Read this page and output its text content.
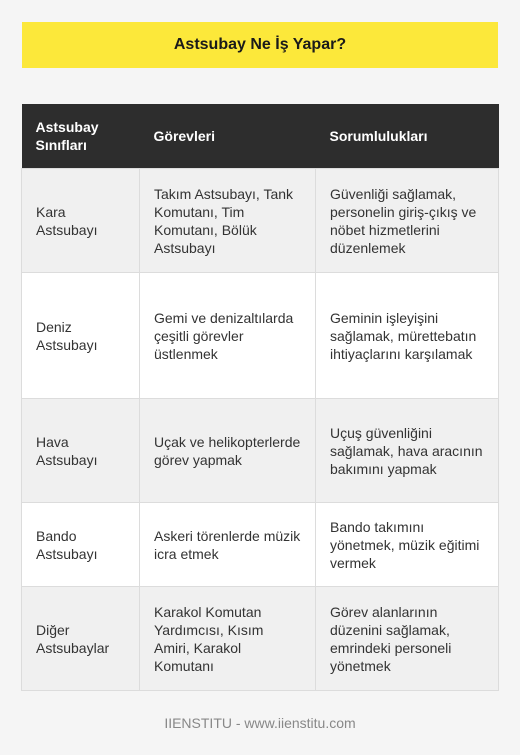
Astsubay Ne İş Yapar?
Astsubay Sınıfları	Görevleri	Sorumlulukları
Kara Astsubayı	Takım Astsubayı, Tank Komutanı, Tim Komutanı, Bölük Astsubayı	Güvenliği sağlamak, personelin giriş-çıkış ve nöbet hizmetlerini düzenlemek
Deniz Astsubayı	Gemi ve denizaltılarda çeşitli görevler üstlenmek	Geminin işleyişini sağlamak, mürettebatın ihtiyaçlarını karşılamak
Hava Astsubayı	Uçak ve helikopterlerde görev yapmak	Uçuş güvenliğini sağlamak, hava aracının bakımını yapmak
Bando Astsubayı	Askeri törenlerde müzik icra etmek	Bando takımını yönetmek, müzik eğitimi vermek
Diğer Astsubaylar	Karakol Komutan Yardımcısı, Kısım Amiri, Karakol Komutanı	Görev alanlarının düzenini sağlamak, emrindeki personeli yönetmek
IIENSTITU - www.iienstitu.com
